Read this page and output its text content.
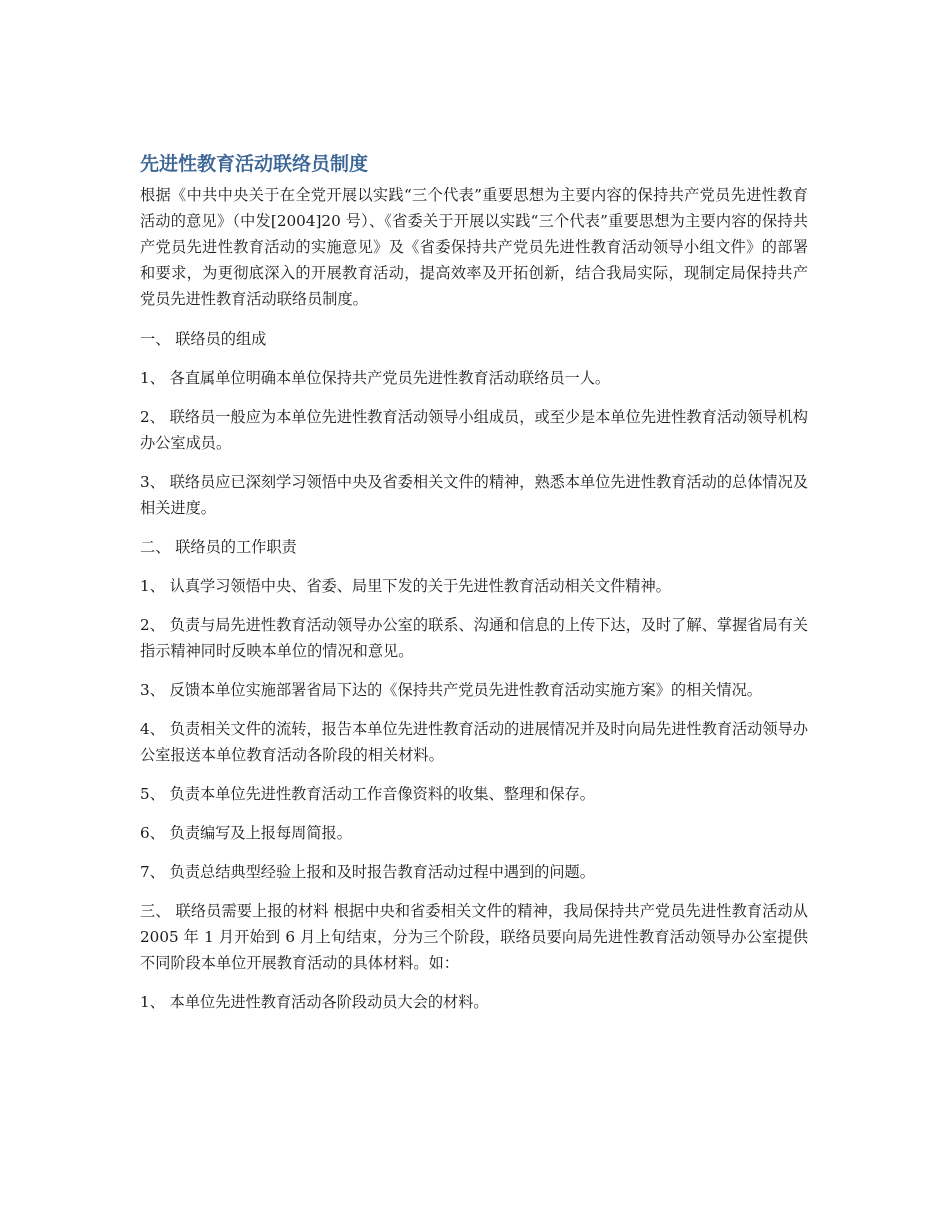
先进性教育活动联络员制度

根据《中共中央关于在全党开展以实践“三个代表”重要思想为主要内容的保持共产党员先进性教育活动的意见》（中发[2004]20 号）、《省委关于开展以实践“三个代表”重要思想为主要内容的保持共产党员先进性教育活动的实施意见》及《省委保持共产党员先进性教育活动领导小组文件》的部署和要求，为更彻底深入的开展教育活动，提高效率及开拓创新，结合我局实际，现制定局保持共产党员先进性教育活动联络员制度。

一、 联络员的组成

1、 各直属单位明确本单位保持共产党员先进性教育活动联络员一人。

2、 联络员一般应为本单位先进性教育活动领导小组成员，或至少是本单位先进性教育活动领导机构办公室成员。

3、 联络员应已深刻学习领悟中央及省委相关文件的精神，熟悉本单位先进性教育活动的总体情况及相关进度。

二、 联络员的工作职责

1、 认真学习领悟中央、省委、局里下发的关于先进性教育活动相关文件精神。

2、 负责与局先进性教育活动领导办公室的联系、沟通和信息的上传下达，及时了解、掌握省局有关指示精神同时反映本单位的情况和意见。

3、 反馈本单位实施部署省局下达的《保持共产党员先进性教育活动实施方案》的相关情况。

4、 负责相关文件的流转，报告本单位先进性教育活动的进展情况并及时向局先进性教育活动领导办公室报送本单位教育活动各阶段的相关材料。

5、 负责本单位先进性教育活动工作音像资料的收集、整理和保存。

6、 负责编写及上报每周简报。

7、 负责总结典型经验上报和及时报告教育活动过程中遇到的问题。

三、 联络员需要上报的材料 根据中央和省委相关文件的精神，我局保持共产党员先进性教育活动从 2005 年 1 月开始到 6 月上旬结束，分为三个阶段，联络员要向局先进性教育活动领导办公室提供不同阶段本单位开展教育活动的具体材料。如：

1、 本单位先进性教育活动各阶段动员大会的材料。
